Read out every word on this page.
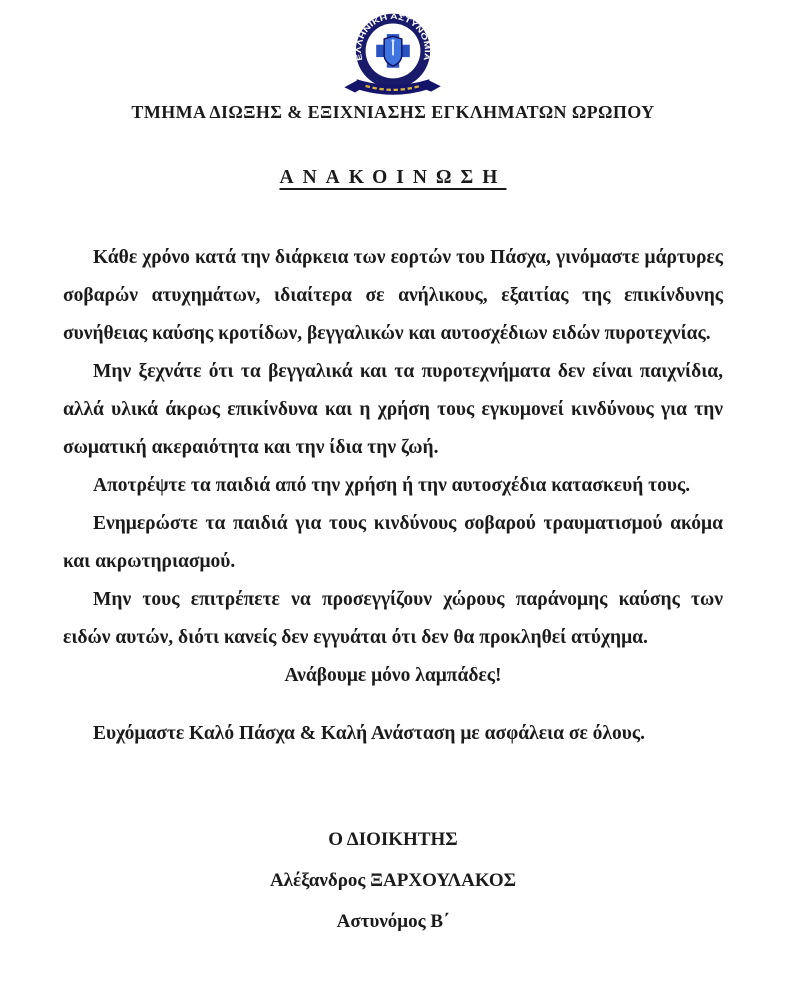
ΕΛΛΗΝΙΚΗ ΑΣΤΥΝΟΜΙΑ
ΤΜΗΜΑ ΔΙΩΞΗΣ & ΕΞΙΧΝΙΑΣΗΣ ΕΓΚΛΗΜΑΤΩΝ ΩΡΩΠΟΥ
ΑΝΑΚΟΙΝΩΣΗ

Κάθε χρόνο κατά την διάρκεια των εορτών του Πάσχα, γινόμαστε μάρτυρες σοβαρών ατυχημάτων, ιδιαίτερα σε ανήλικους, εξαιτίας της επικίνδυνης συνήθειας καύσης κροτίδων, βεγγαλικών και αυτοσχέδιων ειδών πυροτεχνίας.

Μην ξεχνάτε ότι τα βεγγαλικά και τα πυροτεχνήματα δεν είναι παιχνίδια, αλλά υλικά άκρως επικίνδυνα και η χρήση τους εγκυμονεί κινδύνους για την σωματική ακεραιότητα και την ίδια την ζωή.

Αποτρέψτε τα παιδιά από την χρήση ή την αυτοσχέδια κατασκευή τους.

Ενημερώστε τα παιδιά για τους κινδύνους σοβαρού τραυματισμού ακόμα και ακρωτηριασμού.

Μην τους επιτρέπετε να προσεγγίζουν χώρους παράνομης καύσης των ειδών αυτών, διότι κανείς δεν εγγυάται ότι δεν θα προκληθεί ατύχημα.

Ανάβουμε μόνο λαμπάδες!

Ευχόμαστε Καλό Πάσχα & Καλή Ανάσταση με ασφάλεια σε όλους.

Ο ΔΙΟΙΚΗΤΗΣ
Αλέξανδρος ΞΑΡΧΟΥΛΑΚΟΣ
Αστυνόμος Β΄
